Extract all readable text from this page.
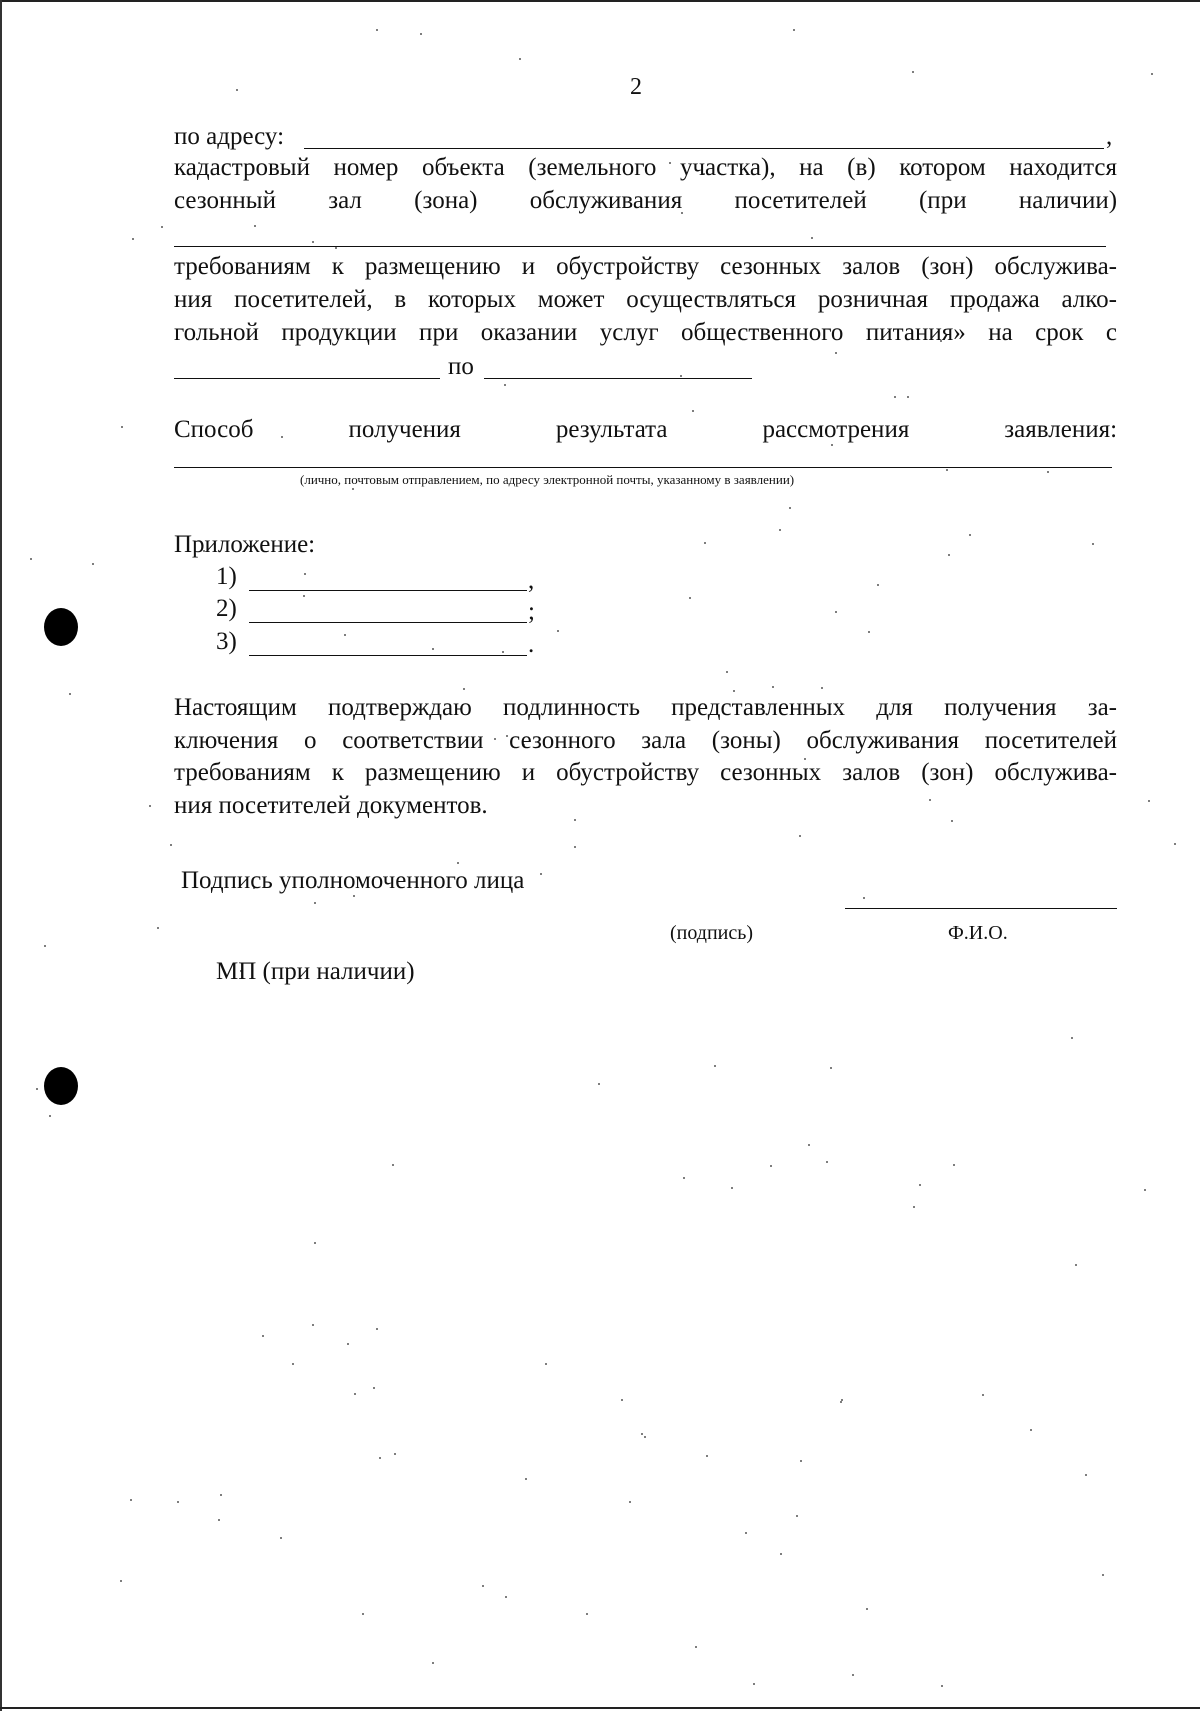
2
по адресу:	,
кадастровый номер объекта (земельного участка), на (в) котором находится
сезонный зал (зона) обслуживания посетителей (при наличии)
требованиям к размещению и обустройству сезонных залов (зон) обслужива-
ния посетителей, в которых может осуществляться розничная продажа алко-
гольной продукции при оказании услуг общественного питания» на срок с
по
Способ	получения	результата	рассмотрения	заявления:
(лично, почтовым отправлением, по адресу электронной почты, указанному в заявлении)
Приложение:
1)	,
2)	;
3)	.
Настоящим подтверждаю подлинность представленных для получения за-
ключения о соответствии сезонного зала (зоны) обслуживания посетителей
требованиям к размещению и обустройству сезонных залов (зон) обслужива-
ния посетителей документов.
Подпись уполномоченного лица
(подпись)	Ф.И.О.
МП (при наличии)
